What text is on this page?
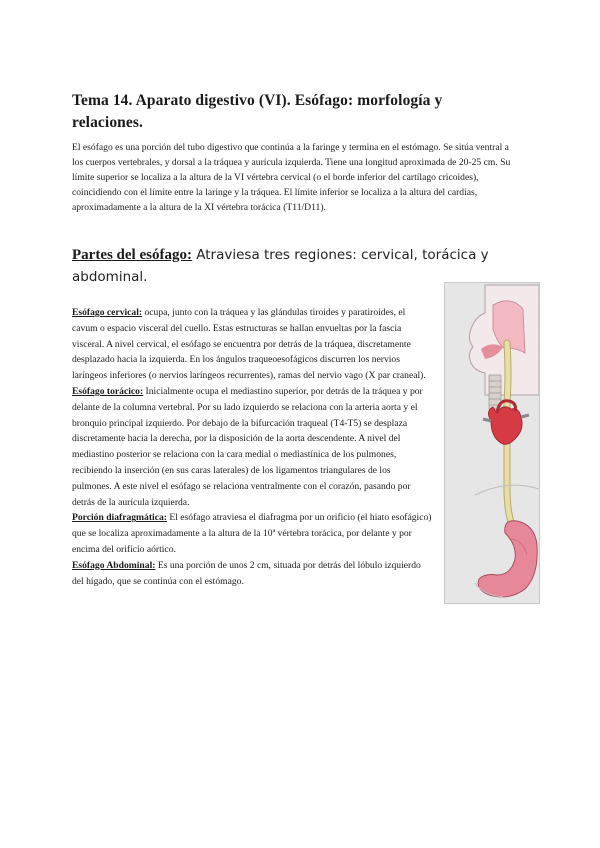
Tema 14. Aparato digestivo (VI). Esófago: morfología y relaciones.
El esófago es una porción del tubo digestivo que continúa a la faringe y termina en el estómago. Se sitúa ventral a los cuerpos vertebrales, y dorsal a la tráquea y aurícula izquierda. Tiene una longitud aproximada de 20-25 cm. Su límite superior se localiza a la altura de la VI vértebra cervical (o el borde inferior del cartílago cricoides), coincidiendo con el límite entre la laringe y la tráquea. El límite inferior se localiza a la altura del cardias, aproximadamente a la altura de la XI vértebra torácica (T11/D11).
Partes del esófago: Atraviesa tres regiones: cervical, torácica y abdominal.

Esófago cervical: ocupa, junto con la tráquea y las glándulas tiroides y paratiroides, el cavum o espacio visceral del cuello. Estas estructuras se hallan envueltas por la fascia visceral. A nivel cervical, el esófago se encuentra por detrás de la tráquea, discretamente desplazado hacia la izquierda. En los ángulos traqueoesofágicos discurren los nervios laríngeos inferiores (o nervios laríngeos recurrentes), ramas del nervio vago (X par craneal).

Esófago torácico: Inicialmente ocupa el mediastino superior, por detrás de la tráquea y por delante de la columna vertebral. Por su lado izquierdo se relaciona con la arteria aorta y el bronquio principal izquierdo. Por debajo de la bifurcación traqueal (T4-T5) se desplaza discretamente hacia la derecha, por la disposición de la aorta descendente. A nivel del mediastino posterior se relaciona con la cara medial o mediastínica de los pulmones, recibiendo la inserción (en sus caras laterales) de los ligamentos triangulares de los pulmones. A este nivel el esófago se relaciona ventralmente con el corazón, pasando por detrás de la aurícula izquierda.

Porción diafragmática: El esófago atraviesa el diafragma por un orificio (el hiato esofágico) que se localiza aproximadamente a la altura de la 10ª vértebra torácica, por delante y por encima del orificio aórtico.

Esófago Abdominal: Es una porción de unos 2 cm, situada por detrás del lóbulo izquierdo del hígado, que se continúa con el estómago.
